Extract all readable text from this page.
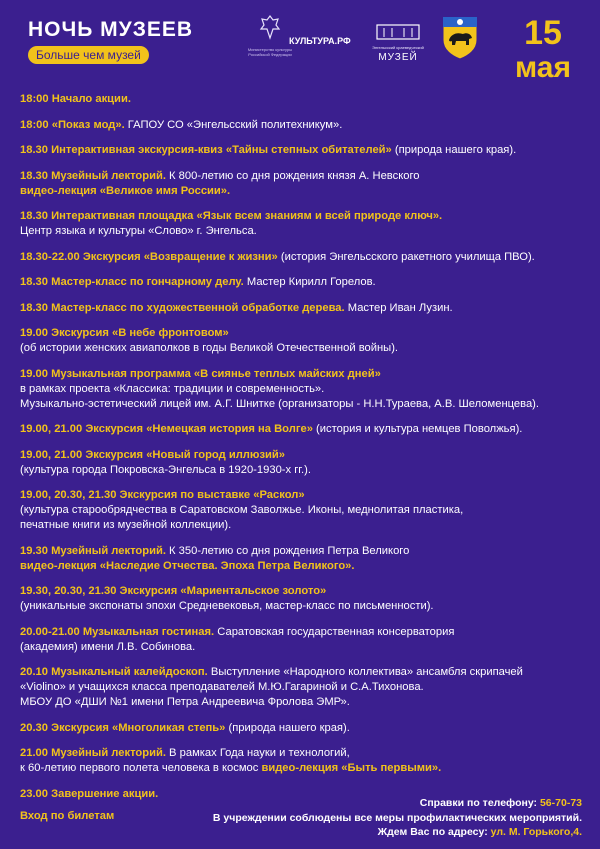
НОЧЬ МУЗЕЕВ
Больше чем музей	Министерство культуры Российской Федерации
КУЛЬТУРА.РФ
Энгельсский краеведческий
МУЗЕЙ
15
мая
18:00 Начало акции.
18:00 «Показ мод». ГАПОУ СО «Энгельсский политехникум».
18.30 Интерактивная экскурсия-квиз «Тайны степных обитателей» (природа нашего края).
18.30 Музейный лекторий. К 800-летию со дня рождения князя А. Невского
видео-лекция «Великое имя России».
18.30 Интерактивная площадка «Язык всем знаниям и всей природе ключ».
Центр языка и культуры «Слово» г. Энгельса.
18.30-22.00 Экскурсия «Возвращение к жизни» (история Энгельсского ракетного училища ПВО).
18.30 Мастер-класс по гончарному делу. Мастер Кирилл Горелов.
18.30 Мастер-класс по художественной обработке дерева. Мастер Иван Лузин.
19.00 Экскурсия «В небе фронтовом»
(об истории женских авиаполков в годы Великой Отечественной войны).
19.00 Музыкальная программа «В сиянье теплых майских дней»
в рамках проекта «Классика: традиции и современность».
Музыкально-эстетический лицей им. А.Г. Шнитке (организаторы - Н.Н.Тураева, А.В. Шеломенцева).
19.00, 21.00 Экскурсия «Немецкая история на Волге» (история и культура немцев Поволжья).
19.00, 21.00 Экскурсия «Новый город иллюзий»
(культура города Покровска-Энгельса в 1920-1930-х гг.).
19.00, 20.30, 21.30 Экскурсия по выставке «Раскол»
(культура старообрядчества в Саратовском Заволжье. Иконы, меднолитая пластика,
печатные книги из музейной коллекции).
19.30 Музейный лекторий. К 350-летию со дня рождения Петра Великого
видео-лекция «Наследие Отчества. Эпоха Петра Великого».
19.30, 20.30, 21.30 Экскурсия «Мариентальское золото»
(уникальные экспонаты эпохи Средневековья, мастер-класс по письменности).
20.00-21.00 Музыкальная гостиная. Саратовская государственная консерватория
(академия) имени Л.В. Собинова.
20.10 Музыкальный калейдоскоп. Выступление «Народного коллектива» ансамбля скрипачей
«Violino» и учащихся класса преподавателей М.Ю.Гагариной и С.А.Тихонова.
МБОУ ДО «ДШИ №1 имени Петра Андреевича Фролова ЭМР».
20.30 Экскурсия «Многоликая степь» (природа нашего края).
21.00 Музейный лекторий. В рамках Года науки и технологий,
к 60-летию первого полета человека в космос видео-лекция «Быть первыми».
23.00 Завершение акции.
Вход по билетам
Справки по телефону: 56-70-73
В учреждении соблюдены все меры профилактических мероприятий.
Ждем Вас по адресу: ул. М. Горького,4.
